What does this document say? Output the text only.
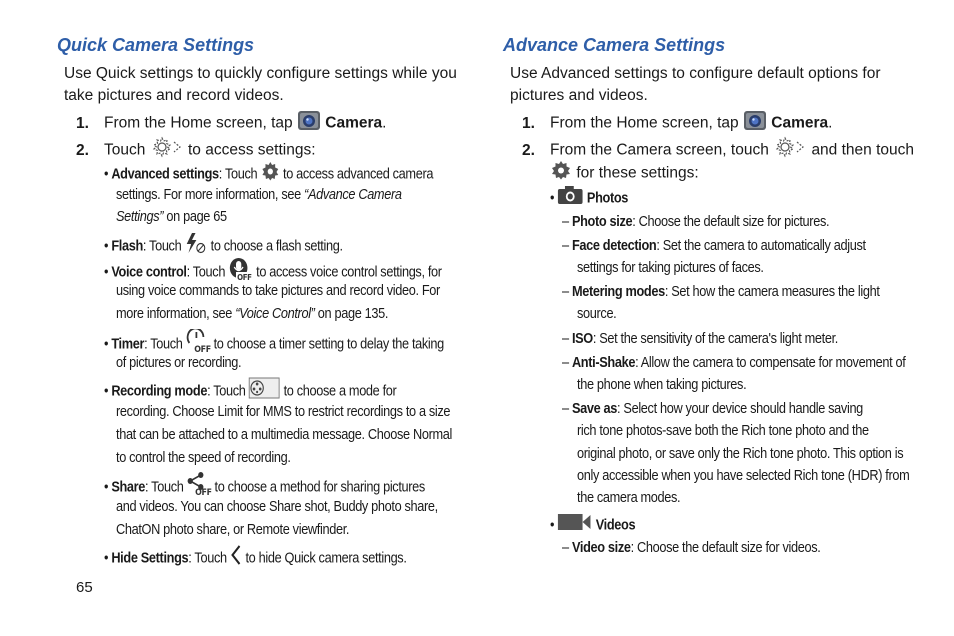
Quick Camera Settings
Use Quick settings to quickly configure settings while you
take pictures and record videos.
1. From the Home screen, tap Camera.
2. Touch	to access settings:
• Advanced settings: Touch to access advanced camera
settings. For more information, see “Advance Camera
Settings” on page 65
• Flash: Touch to choose a flash setting.
• Voice control: Touch OFF to access voice control settings, for
using voice commands to take pictures and record video. For
more information, see “Voice Control” on page 135.
• Timer: Touch OFF to choose a timer setting to delay the taking
of pictures or recording.
• Recording mode: Touch	to choose a mode for
recording. Choose Limit for MMS to restrict recordings to a size
that can be attached to a multimedia message. Choose Normal
to control the speed of recording.
• Share: Touch OFF to choose a method for sharing pictures
and videos. You can choose Share shot, Buddy photo share,
ChatON photo share, or Remote viewfinder.
• Hide Settings: Touch to hide Quick camera settings.
65
Advance Camera Settings
Use Advanced settings to configure default options for
pictures and videos.
1. From the Home screen, tap Camera.
2. From the Camera screen, touch	and then touch
for these settings:
•  Photos
– Photo size: Choose the default size for pictures.
– Face detection: Set the camera to automatically adjust
settings for taking pictures of faces.
– Metering modes: Set how the camera measures the light
source.
– ISO: Set the sensitivity of the camera's light meter.
– Anti-Shake: Allow the camera to compensate for movement of
the phone when taking pictures.
– Save as: Select how your device should handle saving
rich tone photos-save both the Rich tone photo and the
original photo, or save only the Rich tone photo. This option is
only accessible when you have selected Rich tone (HDR) from
the camera modes.
•	Videos
– Video size: Choose the default size for videos.
